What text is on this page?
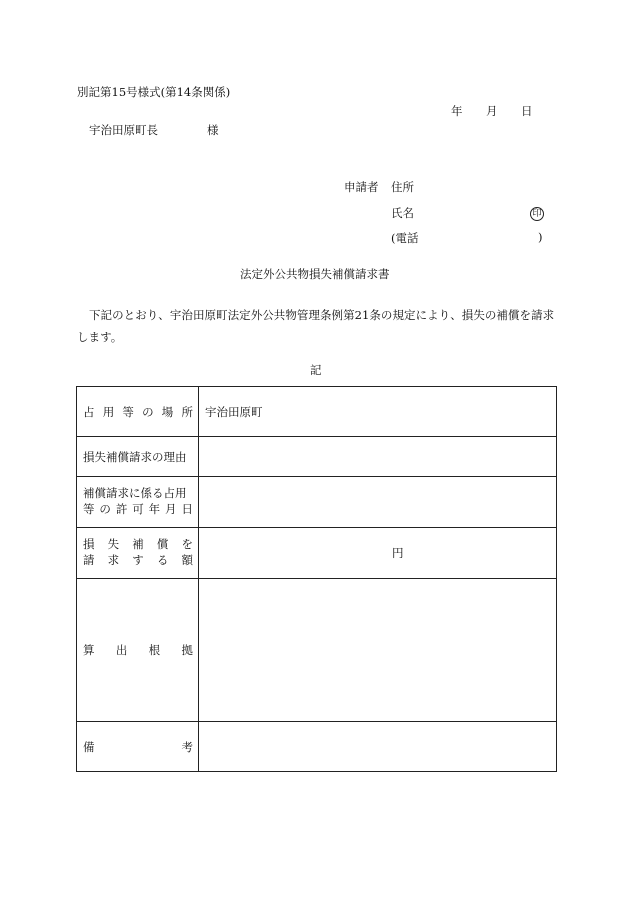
別記第15号様式(第14条関係)
年 月 日
宇治田原町長	様
申請者 住所
氏名	印
(電話	)
法定外公共物損失補償請求書
下記のとおり、宇治田原町法定外公共物管理条例第21条の規定により、損失の補償を請求します。
記
占 用 等 の 場 所 宇治田原町
損失補償請求の理由
補償請求に係る占用
等 の 許 可 年 月 日
損 失 補 償 を
請 求 す る 額	円
算 出 根 拠
備	考
